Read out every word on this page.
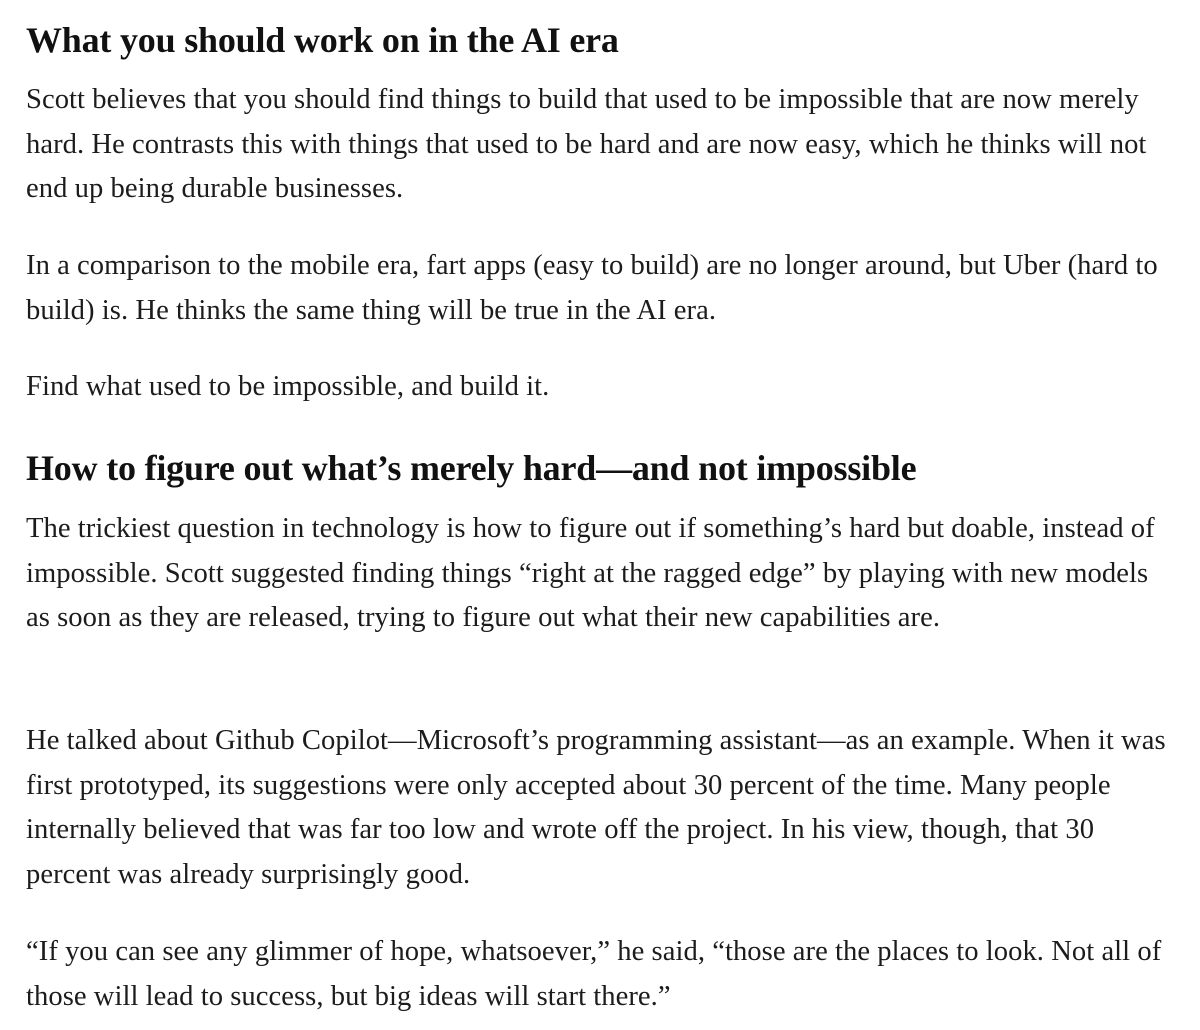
What you should work on in the AI era

Scott believes that you should find things to build that used to be impossible that are now merely hard. He contrasts this with things that used to be hard and are now easy, which he thinks will not end up being durable businesses.

In a comparison to the mobile era, fart apps (easy to build) are no longer around, but Uber (hard to build) is. He thinks the same thing will be true in the AI era.

Find what used to be impossible, and build it.

How to figure out what’s merely hard—and not impossible

The trickiest question in technology is how to figure out if something’s hard but doable, instead of impossible. Scott suggested finding things “right at the ragged edge” by playing with new models as soon as they are released, trying to figure out what their new capabilities are.

He talked about Github Copilot—Microsoft’s programming assistant—as an example. When it was first prototyped, its suggestions were only accepted about 30 percent of the time. Many people internally believed that was far too low and wrote off the project. In his view, though, that 30 percent was already surprisingly good.

“If you can see any glimmer of hope, whatsoever,” he said, “those are the places to look. Not all of those will lead to success, but big ideas will start there.”
